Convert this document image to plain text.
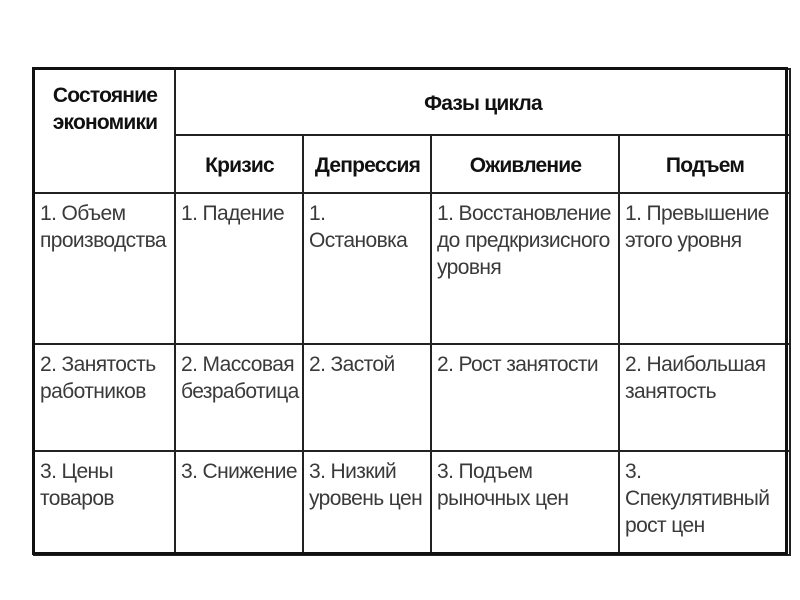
Состояние экономики	Фазы цикла			
	Кризис	Депрессия	Оживление	Подъем
1. Объем производства	1. Падение	1. Остановка	1. Восстановление до предкризисного уровня	1. Превышение этого уровня
2. Занятость работников	2. Массовая безработица	2. Застой	2. Рост занятости	2. Наибольшая занятость
3. Цены товаров	3. Снижение	3. Низкий уровень цен	3. Подъем рыночных цен	3. Спекулятивный рост цен
